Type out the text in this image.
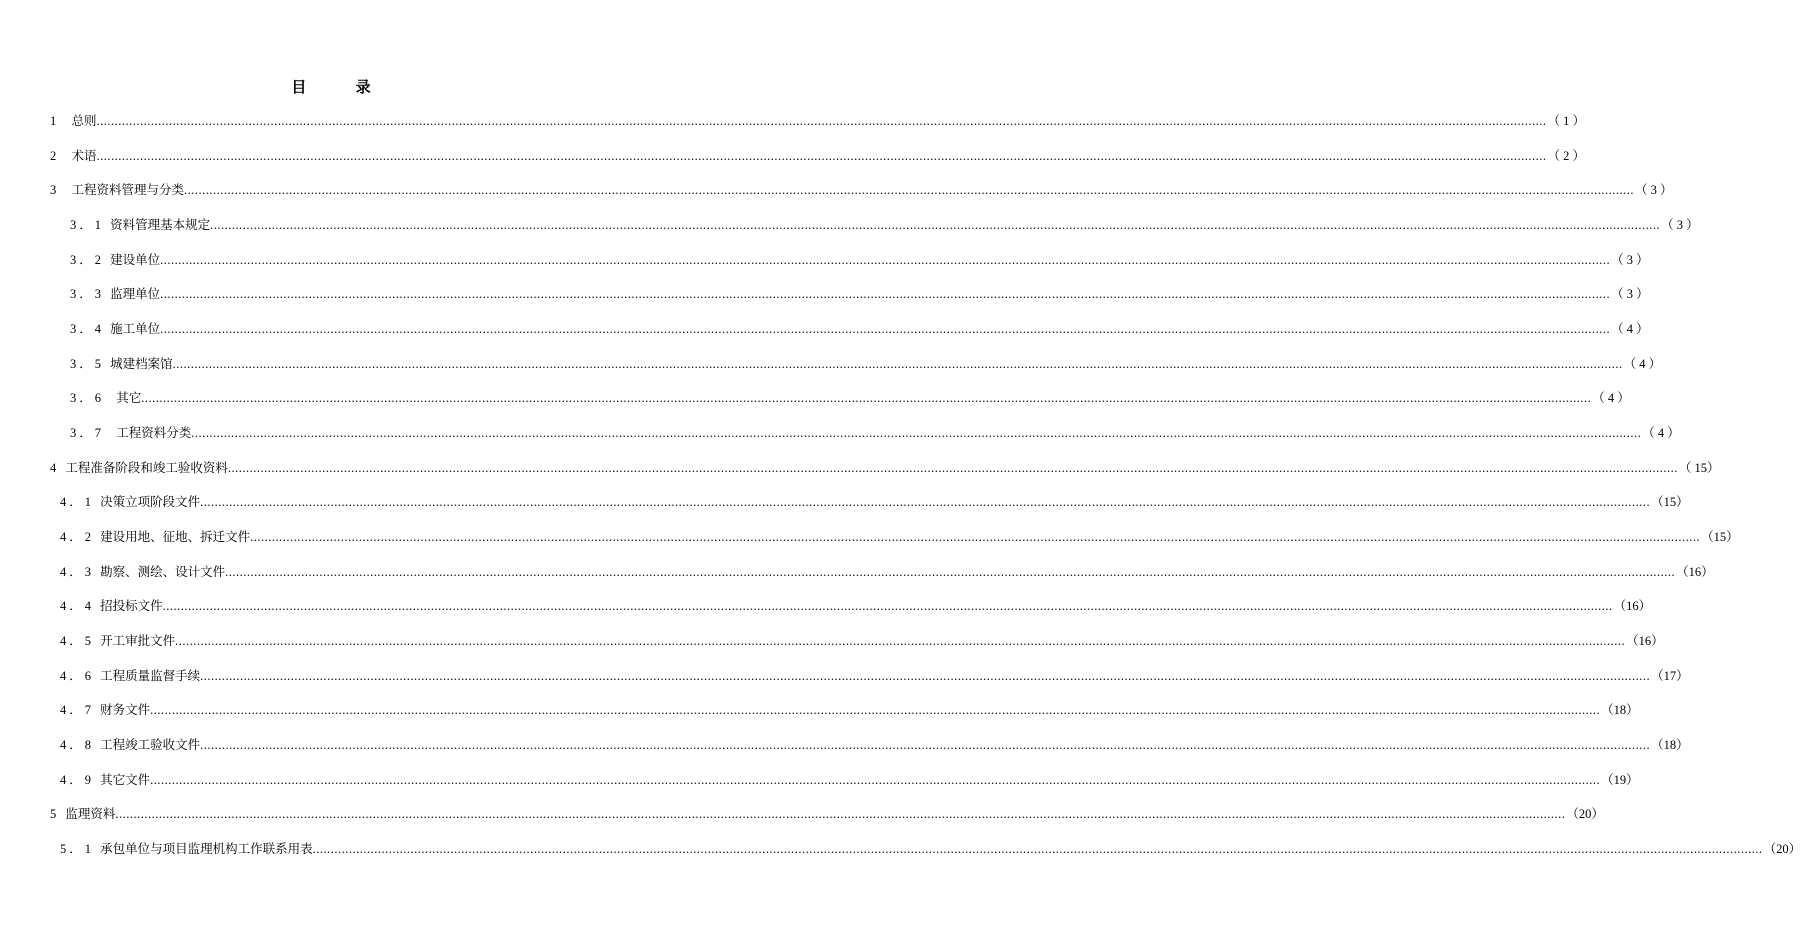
目 录
1 总则 ................................................................................................................................................................................................................................................................................................................................................................................................................ （ 1 ）
2 术语 ................................................................................................................................................................................................................................................................................................................................................................................................................ （ 2 ）
3 工程资料管理与分类 ................................................................................................................................................................................................................................................................................................................................................................................................................ （ 3 ）
3．1 资料管理基本规定 ................................................................................................................................................................................................................................................................................................................................................................................................................ （ 3 ）
3．2 建设单位 ................................................................................................................................................................................................................................................................................................................................................................................................................ （ 3 ）
3．3 监理单位 ................................................................................................................................................................................................................................................................................................................................................................................................................ （ 3 ）
3．4 施工单位 ................................................................................................................................................................................................................................................................................................................................................................................................................ （ 4 ）
3．5 城建档案馆 ................................................................................................................................................................................................................................................................................................................................................................................................................ （ 4 ）
3．6 其它 ................................................................................................................................................................................................................................................................................................................................................................................................................ （ 4 ）
3．7 工程资料分类 ................................................................................................................................................................................................................................................................................................................................................................................................................ （ 4 ）
4 工程准备阶段和竣工验收资料 ................................................................................................................................................................................................................................................................................................................................................................................................................ （ 15）
4．1 决策立项阶段文件 ................................................................................................................................................................................................................................................................................................................................................................................................................ （15）
4．2 建设用地、征地、拆迁文件 ................................................................................................................................................................................................................................................................................................................................................................................................................ （15）
4．3 勘察、测绘、设计文件 ................................................................................................................................................................................................................................................................................................................................................................................................................ （16）
4．4 招投标文件 ................................................................................................................................................................................................................................................................................................................................................................................................................ （16）
4．5 开工审批文件 ................................................................................................................................................................................................................................................................................................................................................................................................................ （16）
4．6 工程质量监督手续 ................................................................................................................................................................................................................................................................................................................................................................................................................ （17）
4．7 财务文件 ................................................................................................................................................................................................................................................................................................................................................................................................................ （18）
4．8 工程竣工验收文件 ................................................................................................................................................................................................................................................................................................................................................................................................................ （18）
4．9 其它文件 ................................................................................................................................................................................................................................................................................................................................................................................................................ （19）
5 监理资料 ................................................................................................................................................................................................................................................................................................................................................................................................................ （20）
5．1 承包单位与项目监理机构工作联系用表 ................................................................................................................................................................................................................................................................................................................................................................................................................ （20）
